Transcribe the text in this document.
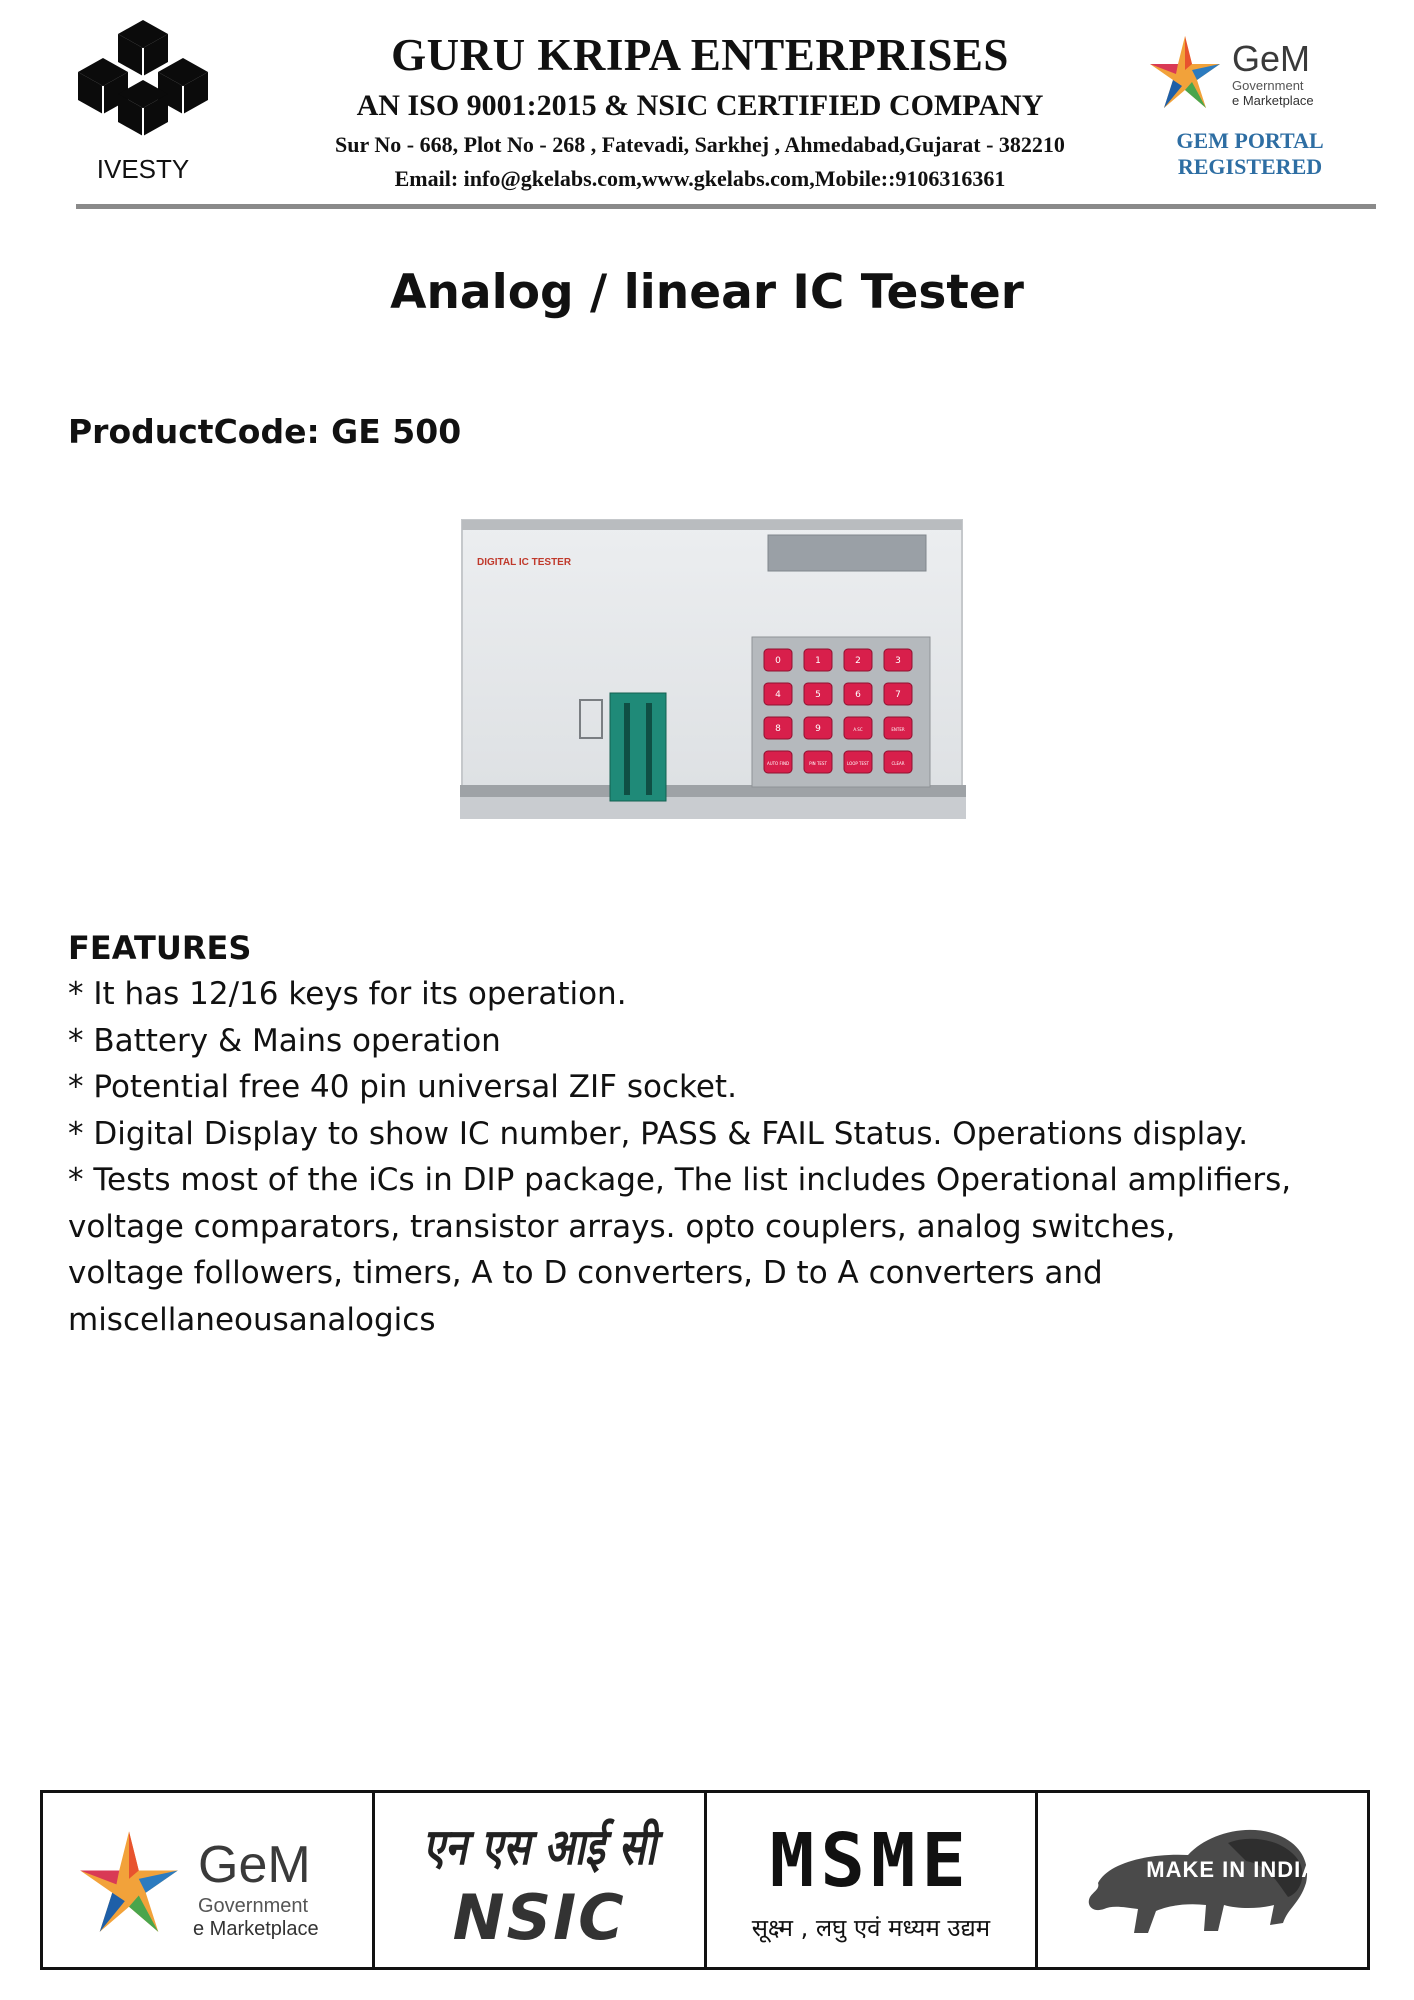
IVESTY
GURU KRIPA ENTERPRISES
AN ISO 9001:2015 & NSIC CERTIFIED COMPANY
Sur No - 668, Plot No - 268 , Fatevadi, Sarkhej , Ahmedabad,Gujarat - 382210
Email: info@gkelabs.com,www.gkelabs.com,Mobile::9106316361
GeM
Government
e Marketplace
GEM PORTAL
REGISTERED
Analog / linear IC Tester
ProductCode: GE 500
DIGITAL IC TESTER
0	1	2	3
4	5	6	7
8	9	A.SC	ENTER
AUTO FIND	PIN TEST	LOOP TEST	CLEAR
FEATURES
* It has 12/16 keys for its operation.
* Battery & Mains operation
* Potential free 40 pin universal ZIF socket.
* Digital Display to show IC number, PASS & FAIL Status. Operations display.
* Tests most of the iCs in DIP package, The list includes Operational amplifiers,
voltage comparators, transistor arrays. opto couplers, analog switches,
voltage followers, timers, A to D converters, D to A converters and
miscellaneousanalogics
GeM
Government
e Marketplace
एन एस आई सी
NSIC
MSME
सूक्ष्म , लघु एवं मध्यम उद्यम
MAKE IN INDIA
